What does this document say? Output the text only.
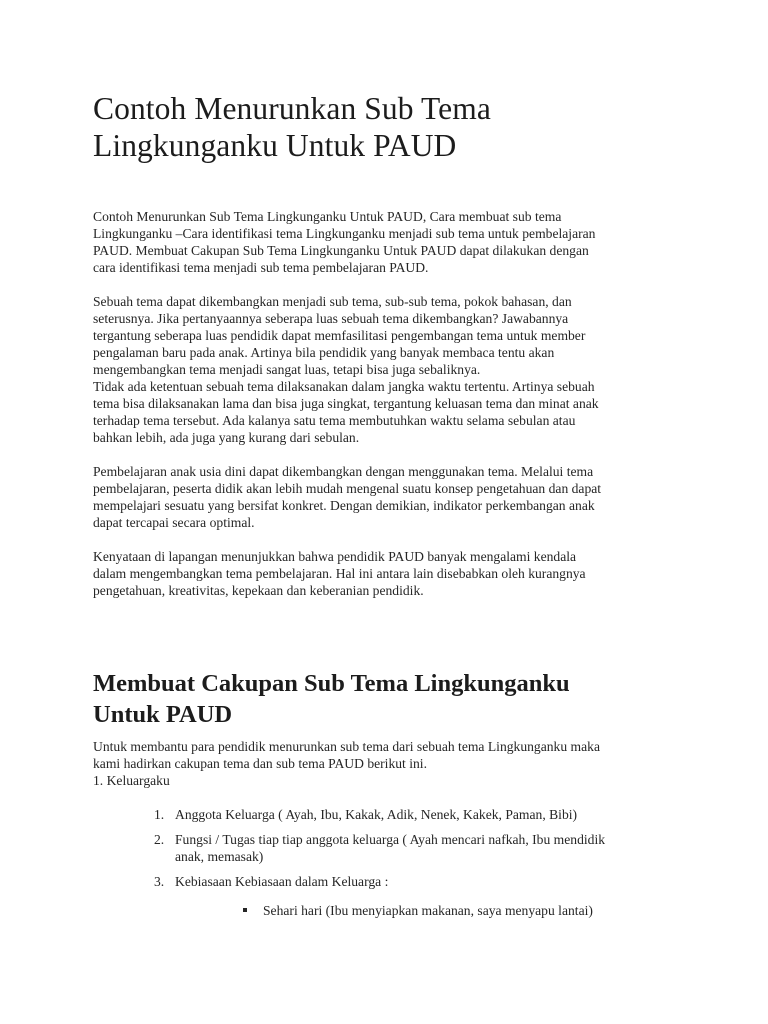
Contoh Menurunkan Sub Tema
Lingkunganku Untuk PAUD

Contoh Menurunkan Sub Tema Lingkunganku Untuk PAUD, Cara membuat sub tema
Lingkunganku –Cara identifikasi tema Lingkunganku menjadi sub tema untuk pembelajaran
PAUD. Membuat Cakupan Sub Tema Lingkunganku Untuk PAUD dapat dilakukan dengan
cara identifikasi tema menjadi sub tema pembelajaran PAUD.

Sebuah tema dapat dikembangkan menjadi sub tema, sub-sub tema, pokok bahasan, dan
seterusnya. Jika pertanyaannya seberapa luas sebuah tema dikembangkan? Jawabannya
tergantung seberapa luas pendidik dapat memfasilitasi pengembangan tema untuk member
pengalaman baru pada anak. Artinya bila pendidik yang banyak membaca tentu akan
mengembangkan tema menjadi sangat luas, tetapi bisa juga sebaliknya.
Tidak ada ketentuan sebuah tema dilaksanakan dalam jangka waktu tertentu. Artinya sebuah
tema bisa dilaksanakan lama dan bisa juga singkat, tergantung keluasan tema dan minat anak
terhadap tema tersebut. Ada kalanya satu tema membutuhkan waktu selama sebulan atau
bahkan lebih, ada juga yang kurang dari sebulan.

Pembelajaran anak usia dini dapat dikembangkan dengan menggunakan tema. Melalui tema
pembelajaran, peserta didik akan lebih mudah mengenal suatu konsep pengetahuan dan dapat
mempelajari sesuatu yang bersifat konkret. Dengan demikian, indikator perkembangan anak
dapat tercapai secara optimal.

Kenyataan di lapangan menunjukkan bahwa pendidik PAUD banyak mengalami kendala
dalam mengembangkan tema pembelajaran. Hal ini antara lain disebabkan oleh kurangnya
pengetahuan, kreativitas, kepekaan dan keberanian pendidik.

Membuat Cakupan Sub Tema Lingkunganku
Untuk PAUD

Untuk membantu para pendidik menurunkan sub tema dari sebuah tema Lingkunganku maka
kami hadirkan cakupan tema dan sub tema PAUD berikut ini.
1. Keluargaku

1. Anggota Keluarga ( Ayah, Ibu, Kakak, Adik, Nenek, Kakek, Paman, Bibi)
2. Fungsi / Tugas tiap tiap anggota keluarga ( Ayah mencari nafkah, Ibu mendidik
anak, memasak)
3. Kebiasaan Kebiasaan dalam Keluarga :
Sehari hari (Ibu menyiapkan makanan, saya menyapu lantai)
